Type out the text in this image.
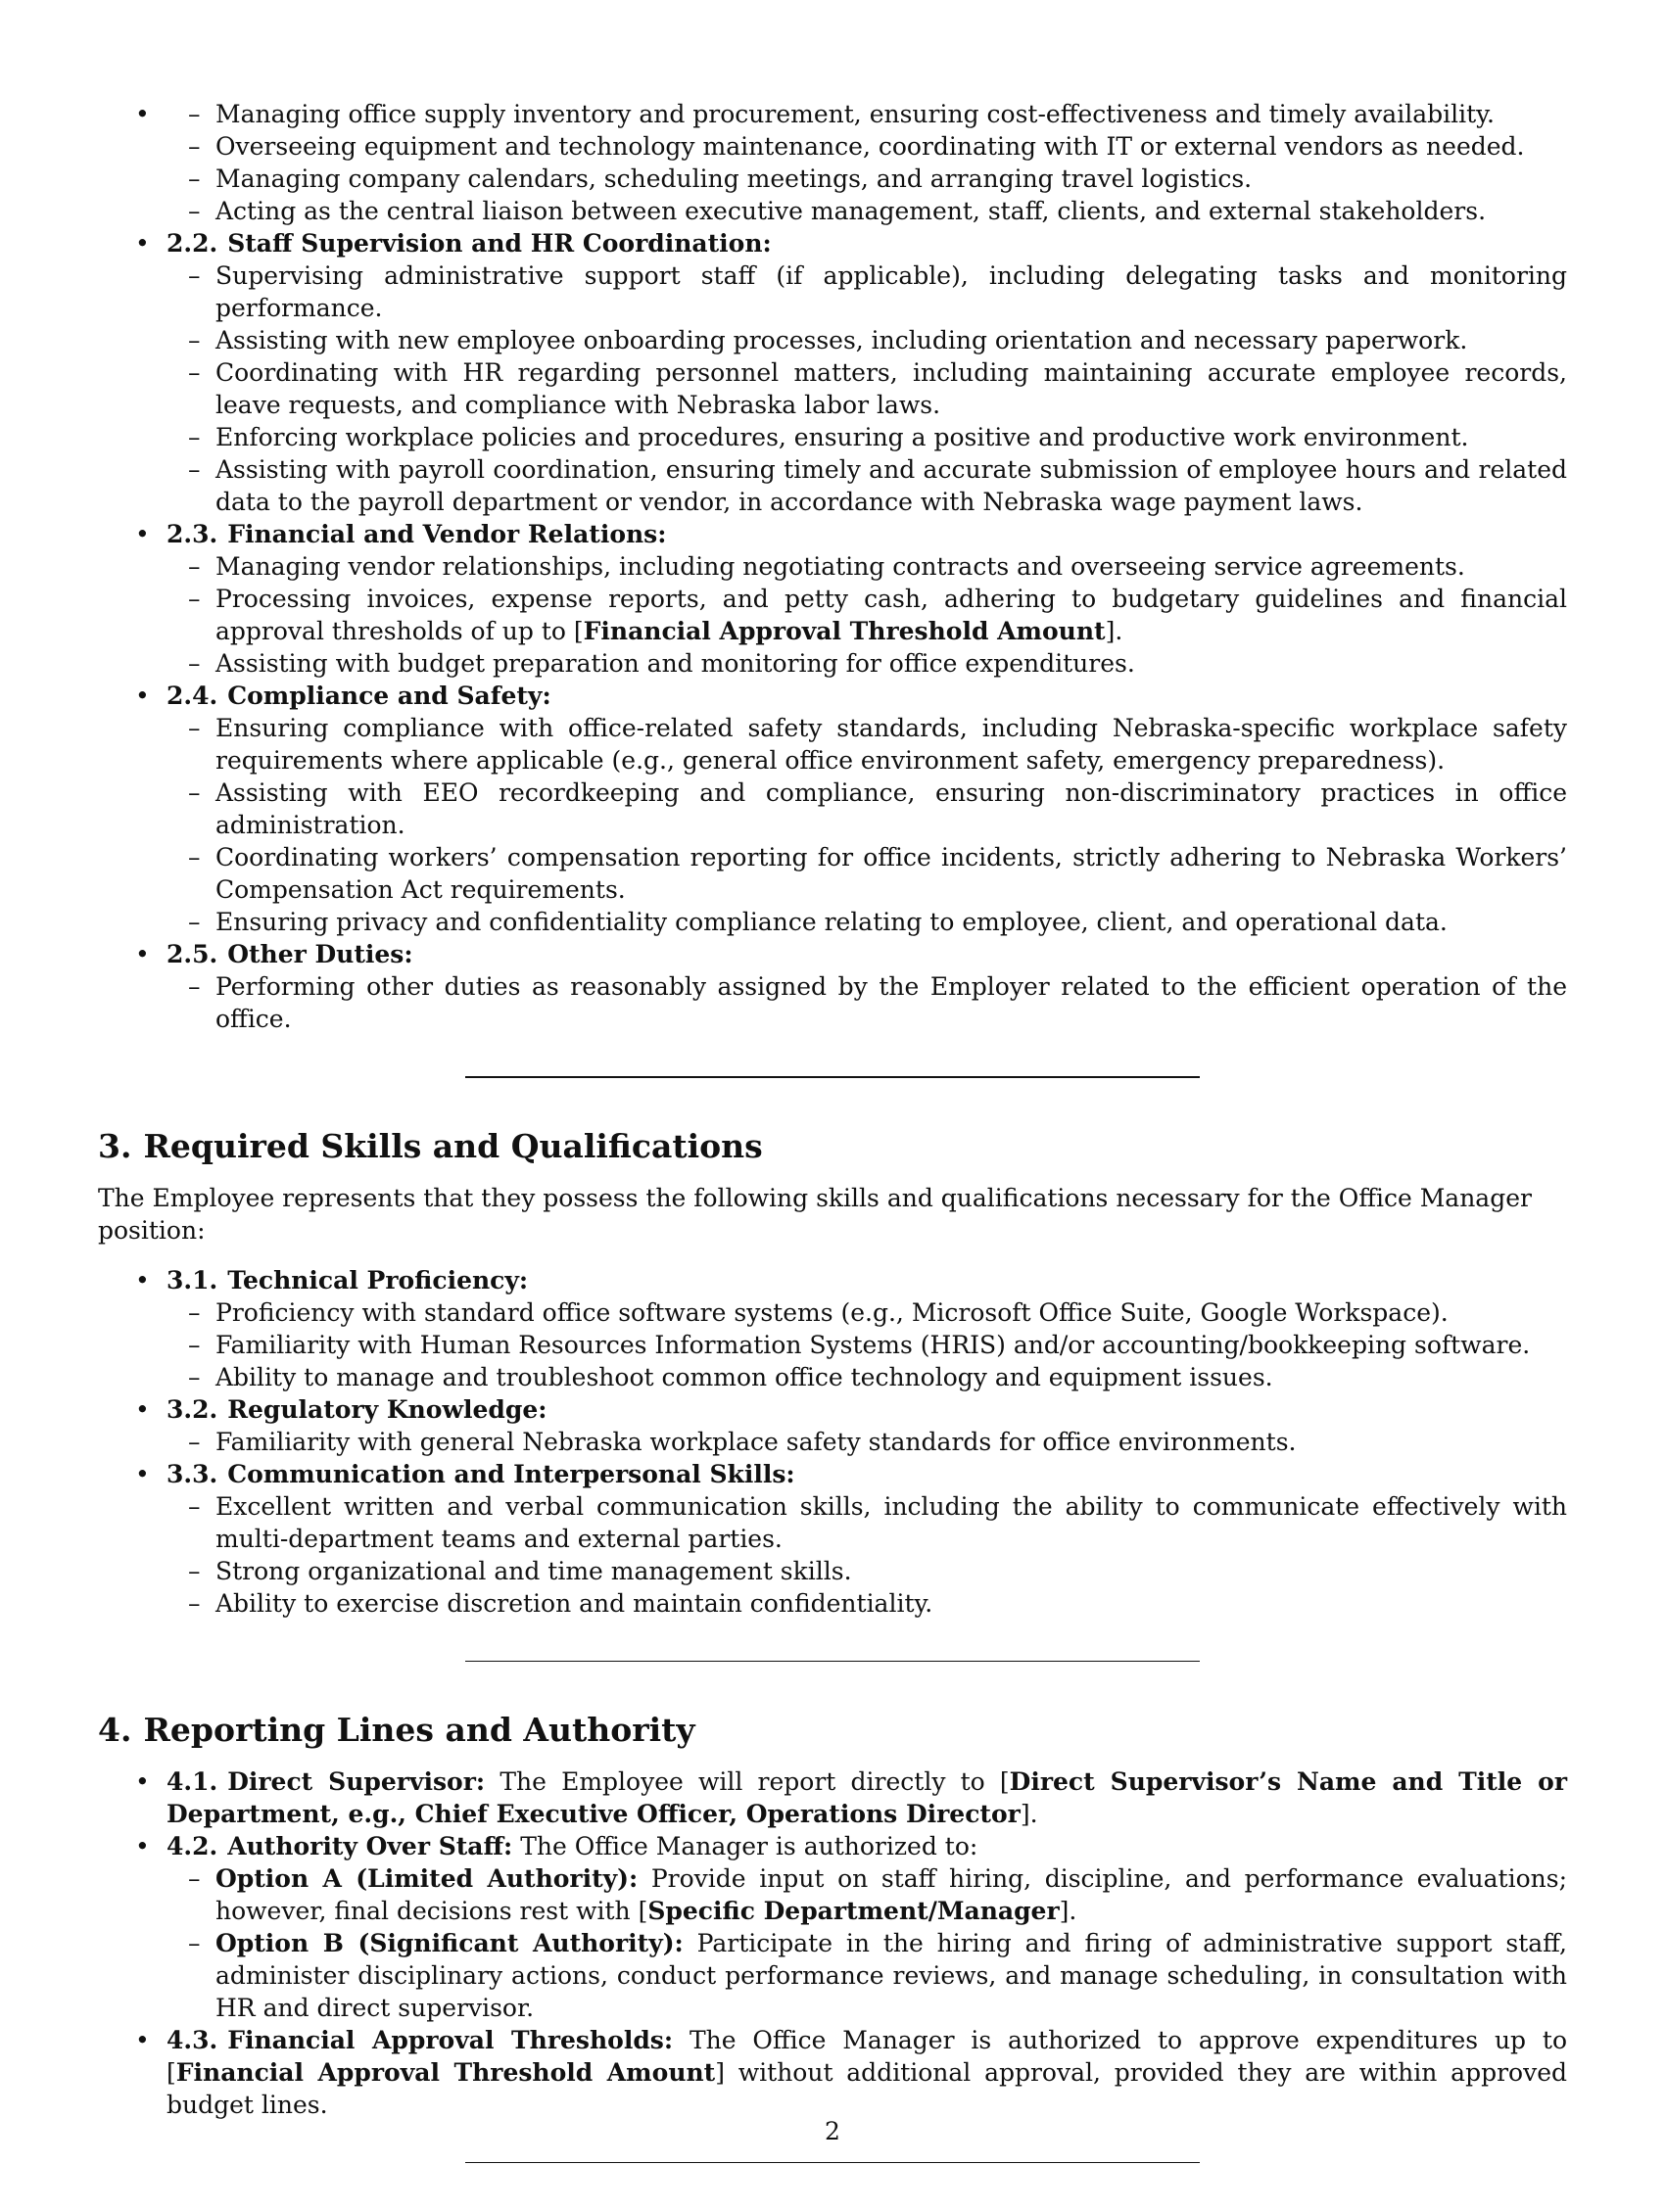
– • Managing office supply inventory and procurement, ensuring cost-effectiveness and timely availability.
– Overseeing equipment and technology maintenance, coordinating with IT or external vendors as needed.
– Managing company calendars, scheduling meetings, and arranging travel logistics.
– Acting as the central liaison between executive management, staff, clients, and external stakeholders.
• 2.2. Staff Supervision and HR Coordination:
– Supervising administrative support staff (if applicable), including delegating tasks and monitoring performance.
– Assisting with new employee onboarding processes, including orientation and necessary paperwork.
– Coordinating with HR regarding personnel matters, including maintaining accurate employee records, leave requests, and compliance with Nebraska labor laws.
– Enforcing workplace policies and procedures, ensuring a positive and productive work environment.
– Assisting with payroll coordination, ensuring timely and accurate submission of employee hours and related data to the payroll department or vendor, in accordance with Nebraska wage payment laws.
• 2.3. Financial and Vendor Relations:
– Managing vendor relationships, including negotiating contracts and overseeing service agreements.
– Processing invoices, expense reports, and petty cash, adhering to budgetary guidelines and financial approval thresholds of up to [Financial Approval Threshold Amount].
– Assisting with budget preparation and monitoring for office expenditures.
• 2.4. Compliance and Safety:
– Ensuring compliance with office-related safety standards, including Nebraska-specific workplace safety requirements where applicable (e.g., general office environment safety, emergency preparedness).
– Assisting with EEO recordkeeping and compliance, ensuring non-discriminatory practices in office administration.
– Coordinating workers’ compensation reporting for office incidents, strictly adhering to Nebraska Workers’ Compensation Act requirements.
– Ensuring privacy and confidentiality compliance relating to employee, client, and operational data.
• 2.5. Other Duties:
– Performing other duties as reasonably assigned by the Employer related to the efficient operation of the office.
3. Required Skills and Qualifications

The Employee represents that they possess the following skills and qualifications necessary for the Office Manager position:

• 3.1. Technical Proficiency:
– Proficiency with standard office software systems (e.g., Microsoft Office Suite, Google Workspace).
– Familiarity with Human Resources Information Systems (HRIS) and/or accounting/bookkeeping software.
– Ability to manage and troubleshoot common office technology and equipment issues.
• 3.2. Regulatory Knowledge:
– Familiarity with general Nebraska workplace safety standards for office environments.
• 3.3. Communication and Interpersonal Skills:
– Excellent written and verbal communication skills, including the ability to communicate effectively with multi-department teams and external parties.
– Strong organizational and time management skills.
– Ability to exercise discretion and maintain confidentiality.
4. Reporting Lines and Authority
• 4.1. Direct Supervisor: The Employee will report directly to [Direct Supervisor’s Name and Title or Department, e.g., Chief Executive Officer, Operations Director].
• 4.2. Authority Over Staff: The Office Manager is authorized to:
– Option A (Limited Authority): Provide input on staff hiring, discipline, and performance evaluations; however, final decisions rest with [Specific Department/Manager].
– Option B (Significant Authority): Participate in the hiring and firing of administrative support staff, administer disciplinary actions, conduct performance reviews, and manage scheduling, in consultation with HR and direct supervisor.
• 4.3. Financial Approval Thresholds: The Office Manager is authorized to approve expenditures up to [Financial Approval Threshold Amount] without additional approval, provided they are within approved budget lines.
2
